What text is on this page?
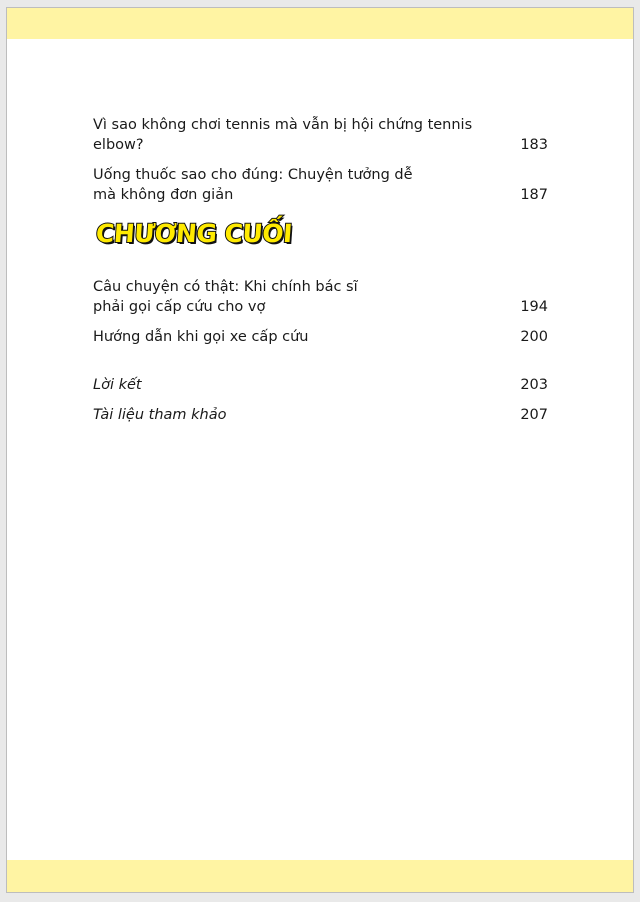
Vì sao không chơi tennis mà vẫn bị hội chứng tennis elbow?	183
Uống thuốc sao cho đúng: Chuyện tưởng dễ
mà không đơn giản	187
CHƯƠNG CUỐI
Câu chuyện có thật: Khi chính bác sĩ
phải gọi cấp cứu cho vợ	194
Hướng dẫn khi gọi xe cấp cứu	200
Lời kết	203
Tài liệu tham khảo	207
